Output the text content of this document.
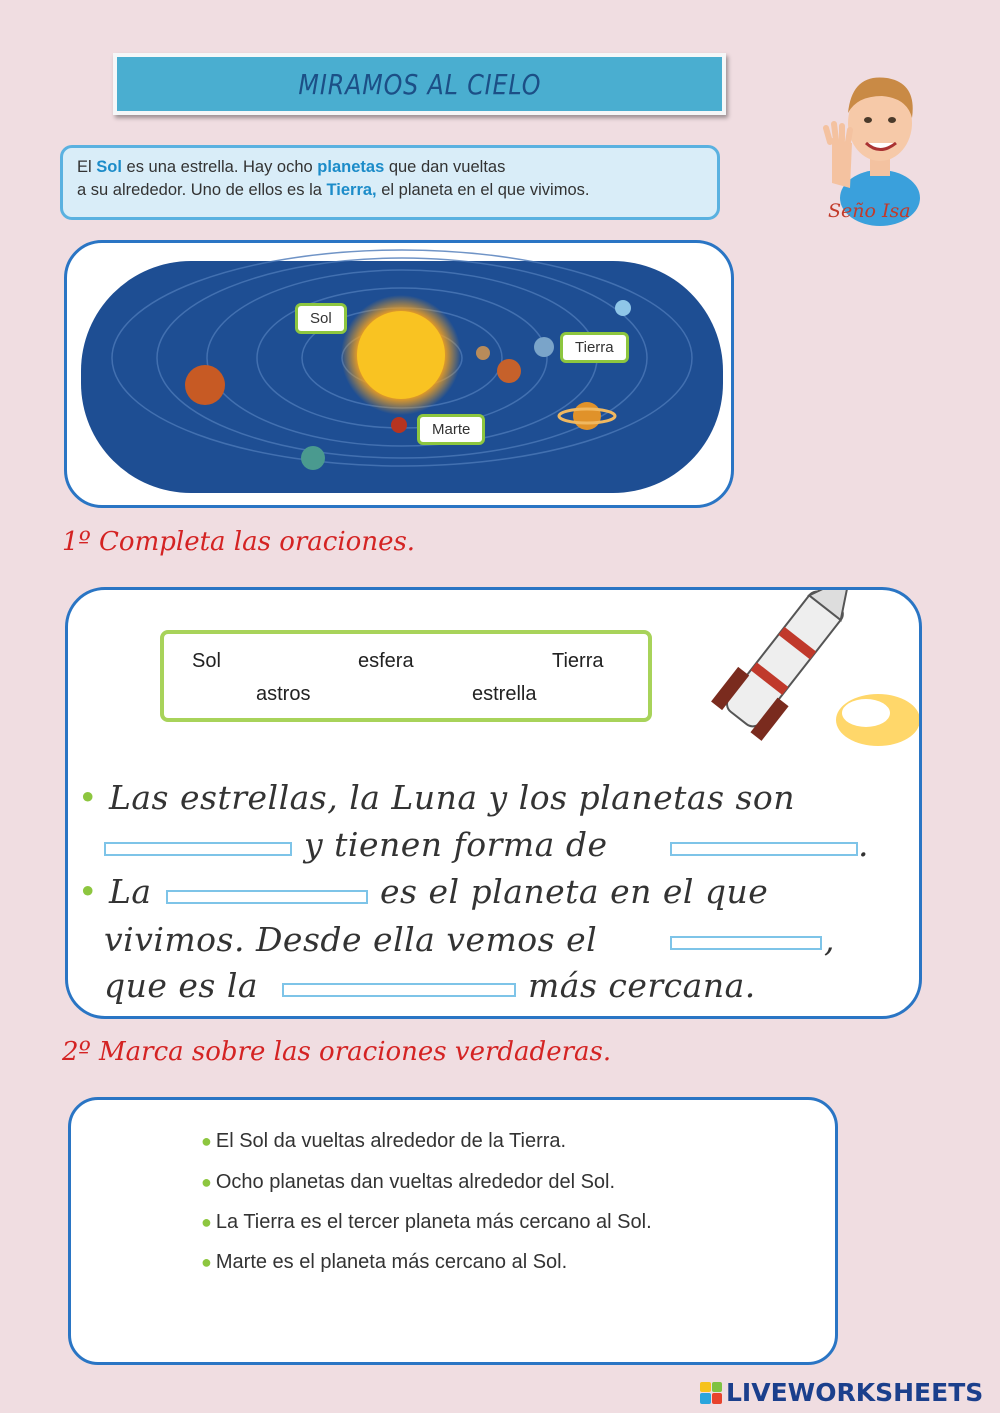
MIRAMOS AL CIELO
Seño Isa
El Sol es una estrella. Hay ocho planetas que dan vueltas
a su alrededor. Uno de ellos es la Tierra, el planeta en el que vivimos.
Sol
Tierra
Marte
1º Completa las oraciones.
Sol	esfera	Tierra
astros	estrella
• Las estrellas, la Luna y los planetas son
y tienen forma de	.
• La	es el planeta en el que
vivimos. Desde ella vemos el	,
que es la	más cercana.
2º Marca sobre las oraciones verdaderas.
● El Sol da vueltas alrededor de la Tierra.
● Ocho planetas dan vueltas alrededor del Sol.
● La Tierra es el tercer planeta más cercano al Sol.
● Marte es el planeta más cercano al Sol.
LIVEWORKSHEETS
